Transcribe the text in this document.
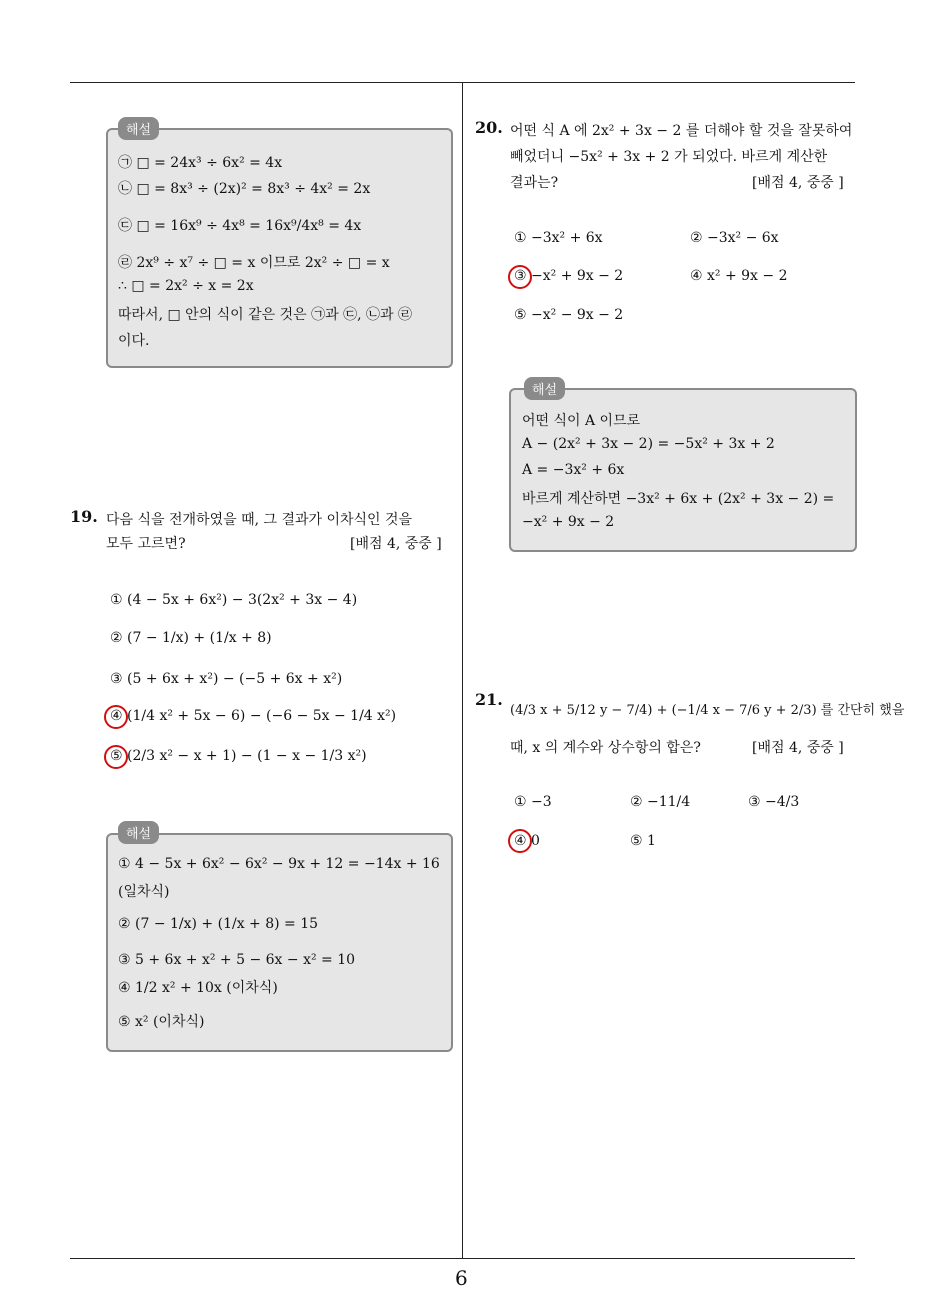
해설
㉠ □ = 24x³ ÷ 6x² = 4x
㉡ □ = 8x³ ÷ (2x)² = 8x³ ÷ 4x² = 2x
㉢ □ = 16x⁹ ÷ 4x⁸ = 16x⁹/4x⁸ = 4x
㉣ 2x⁹ ÷ x⁷ ÷ □ = x 이므로 2x² ÷ □ = x
∴ □ = 2x² ÷ x = 2x
따라서, □ 안의 식이 같은 것은 ㉠과 ㉢, ㉡과 ㉣
이다.
19. 다음 식을 전개하였을 때, 그 결과가 이차식인 것을
모두 고르면?	[배점 4, 중중 ]
① (4 − 5x + 6x²) − 3(2x² + 3x − 4)
② (7 − 1/x) + (1/x + 8)
③ (5 + 6x + x²) − (−5 + 6x + x²)
④ (1/4 x² + 5x − 6) − (−6 − 5x − 1/4 x²)
⑤ (2/3 x² − x + 1) − (1 − x − 1/3 x²)
해설
① 4 − 5x + 6x² − 6x² − 9x + 12 = −14x + 16
(일차식)
② (7 − 1/x) + (1/x + 8) = 15
③ 5 + 6x + x² + 5 − 6x − x² = 10
④ 1/2 x² + 10x (이차식)
⑤ x² (이차식)
20. 어떤 식 A 에 2x² + 3x − 2 를 더해야 할 것을 잘못하여
빼었더니 −5x² + 3x + 2 가 되었다. 바르게 계산한
결과는?	[배점 4, 중중 ]
① −3x² + 6x	② −3x² − 6x
③ −x² + 9x − 2	④ x² + 9x − 2
⑤ −x² − 9x − 2
해설
어떤 식이 A 이므로
A − (2x² + 3x − 2) = −5x² + 3x + 2
A = −3x² + 6x
바르게 계산하면 −3x² + 6x + (2x² + 3x − 2) =
−x² + 9x − 2
21.
(4/3 x + 5/12 y − 7/4) + (−1/4 x − 7/6 y + 2/3) 를 간단히 했을
때, x 의 계수와 상수항의 합은?	[배점 4, 중중 ]
① −3	② −11/4	③ −4/3
④ 0	⑤ 1
6
